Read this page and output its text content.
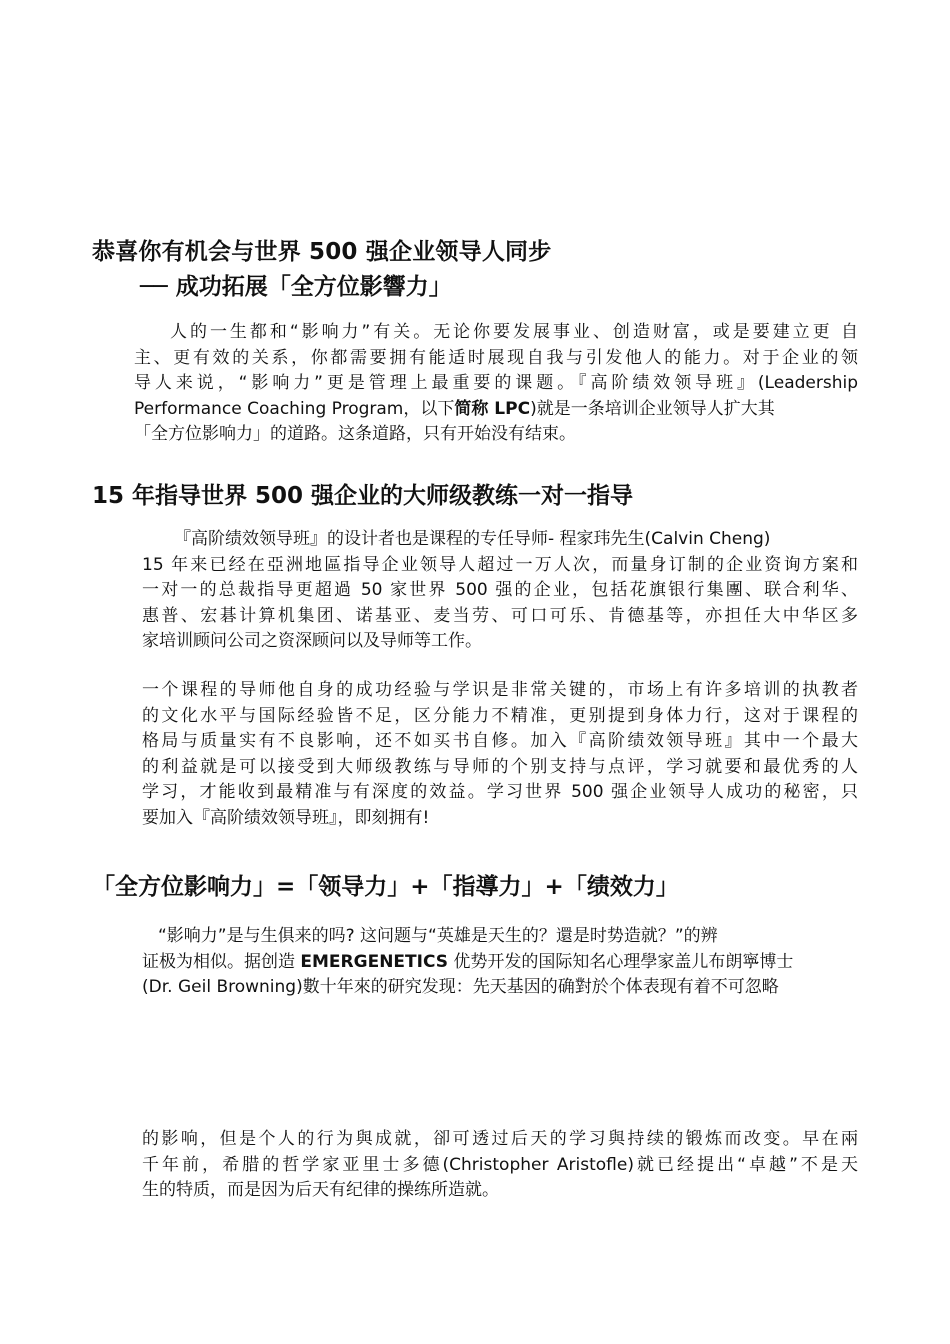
恭喜你有机会与世界 500 强企业领导人同步
── 成功拓展「全方位影響力」
人的一生都和“影响力”有关。无论你要发展事业、创造财富，或是要建立更 自
主、更有效的关系，你都需要拥有能适时展现自我与引发他人的能力。对于企业的领
导人来说，“影响力”更是管理上最重要的课题。『高阶绩效领导班』(Leadership
Performance Coaching Program，以下简称 LPC)就是一条培训企业领导人扩大其
「全方位影响力」的道路。这条道路，只有开始没有结束。
15 年指导世界 500 强企业的大师级教练一对一指导
『高阶绩效领导班』的设计者也是课程的专任导师- 程家玮先生(Calvin Cheng)
15 年来已经在亞洲地區指导企业领导人超过一万人次，而量身订制的企业资询方案和
一对一的总裁指导更超過 50 家世界 500 强的企业，包括花旗银行集團、联合利华、
惠普、宏碁计算机集团、诺基亚、麦当劳、可口可乐、肯德基等，亦担任大中华区多
家培训顾问公司之资深顾问以及导师等工作。
一个课程的导师他自身的成功经验与学识是非常关键的，市场上有许多培训的执教者
的文化水平与国际经验皆不足，区分能力不精准，更别提到身体力行，这对于课程的
格局与质量实有不良影响，还不如买书自修。加入『高阶绩效领导班』其中一个最大
的利益就是可以接受到大师级教练与导师的个别支持与点评，学习就要和最优秀的人
学习，才能收到最精准与有深度的效益。学习世界 500 强企业领导人成功的秘密，只
要加入『高阶绩效领导班』，即刻拥有!
「全方位影响力」=「领导力」+「指導力」+「绩效力」
“影响力”是与生俱来的吗? 这问题与“英雄是天生的？還是时势造就？”的辨
证极为相似。据创造 EMERGENETICS 优势开发的国际知名心理學家盖儿布朗寧博士
(Dr. Geil Browning)數十年來的研究发现：先天基因的确對於个体表现有着不可忽略
的影响，但是个人的行为與成就，卻可透过后天的学习與持续的锻炼而改变。早在兩
千年前，希腊的哲学家亚里士多德(Christopher Aristofle)就已经提出“卓越”不是天
生的特质，而是因为后天有纪律的操练所造就。
